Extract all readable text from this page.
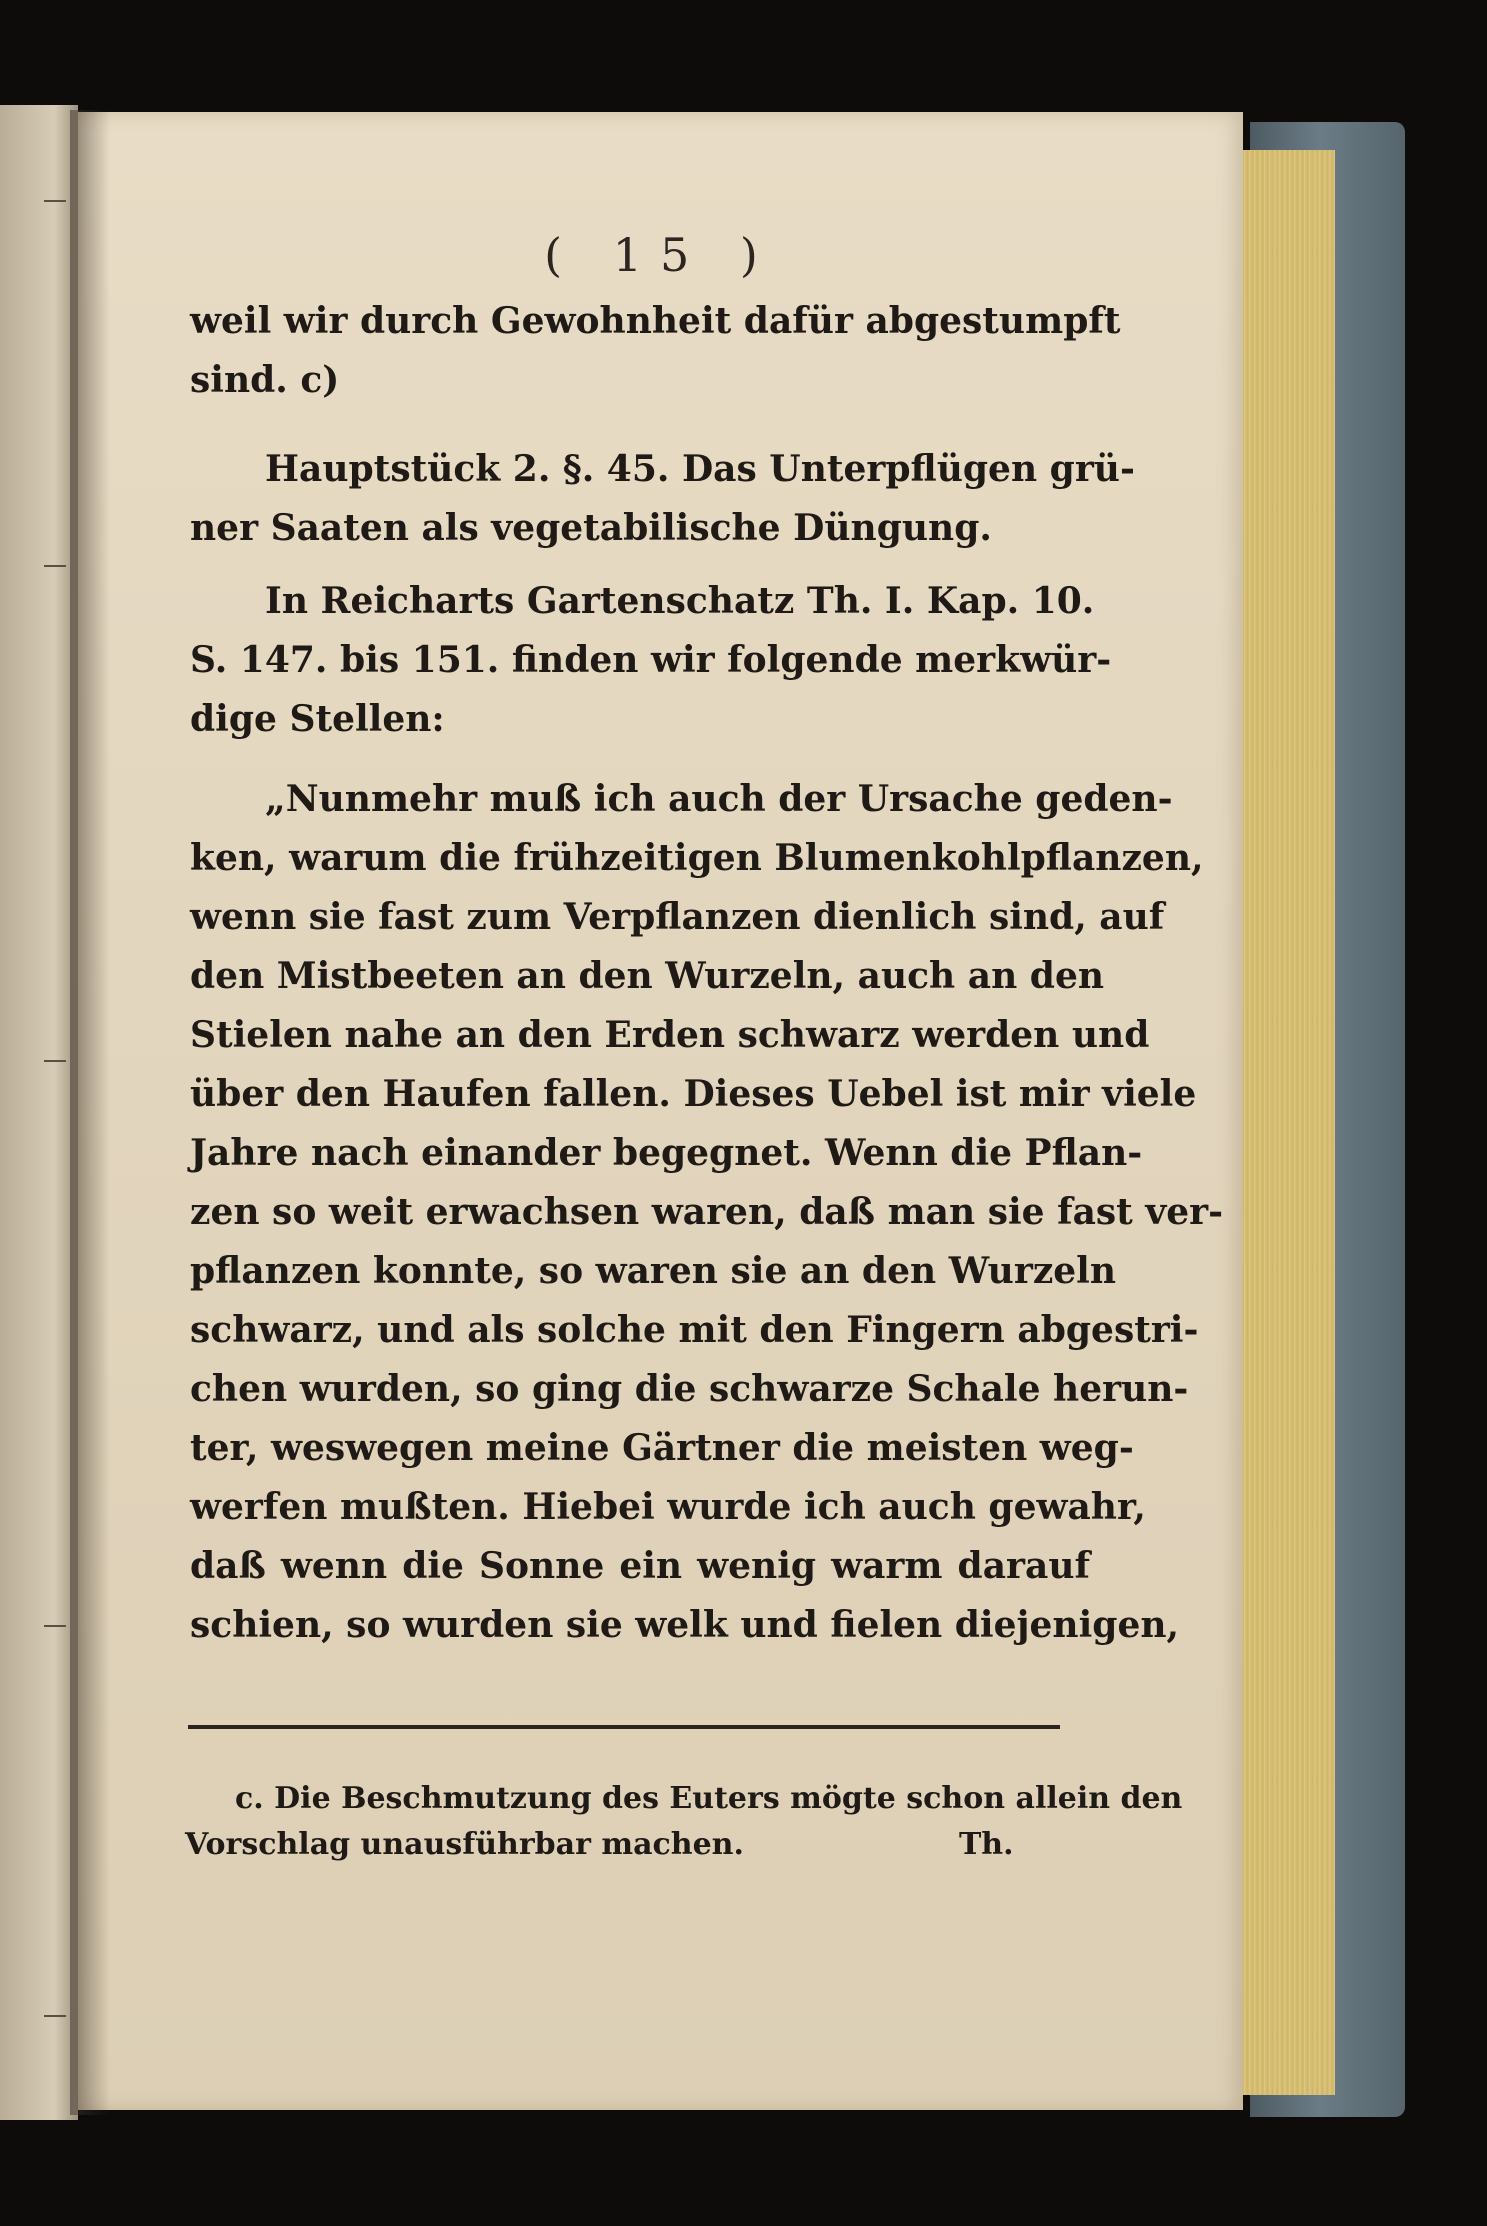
( 15 )
weil wir durch Gewohnheit dafür abgestumpft
sind. c)
Hauptstück 2. §. 45. Das Unterpflügen grü-
ner Saaten als vegetabilische Düngung.
In Reicharts Gartenschatz Th. I. Kap. 10.
S. 147. bis 151. finden wir folgende merkwür-
dige Stellen:
„Nunmehr muß ich auch der Ursache geden-
ken, warum die frühzeitigen Blumenkohlpflanzen,
wenn sie fast zum Verpflanzen dienlich sind, auf
den Mistbeeten an den Wurzeln, auch an den
Stielen nahe an den Erden schwarz werden und
über den Haufen fallen. Dieses Uebel ist mir viele
Jahre nach einander begegnet. Wenn die Pflan-
zen so weit erwachsen waren, daß man sie fast ver-
pflanzen konnte, so waren sie an den Wurzeln
schwarz, und als solche mit den Fingern abgestri-
chen wurden, so ging die schwarze Schale herun-
ter, weswegen meine Gärtner die meisten weg-
werfen mußten. Hiebei wurde ich auch gewahr,
daß wenn die Sonne ein wenig warm darauf
schien, so wurden sie welk und fielen diejenigen,
c. Die Beschmutzung des Euters mögte schon allein den
Vorschlag unausführbar machen.	Th.
